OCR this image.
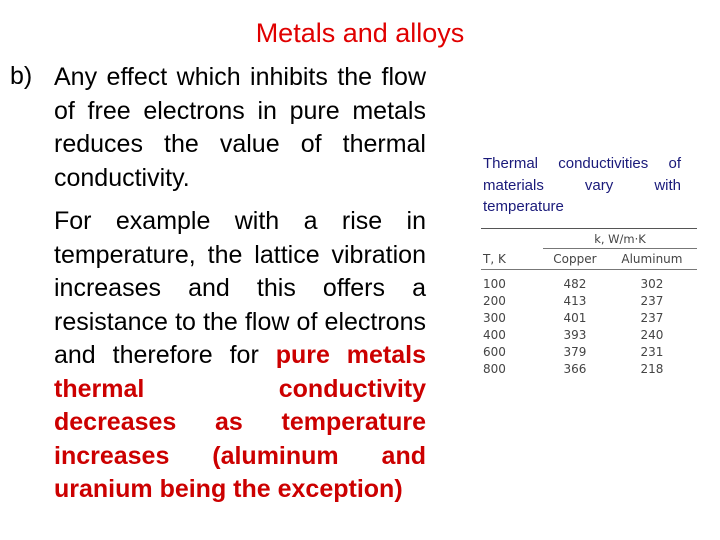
Metals and alloys
b) Any effect which inhibits the flow of free electrons in pure metals reduces the value of thermal conductivity.
For example with a rise in temperature, the lattice vibration increases and this offers a resistance to the flow of electrons and therefore for pure metals thermal conductivity decreases as temperature increases (aluminum and uranium being the exception)
Thermal conductivities of materials vary with temperature

	k, W/m·K	

T, K	Copper	Aluminum
100	482	302
200	413	237
300	401	237
400	393	240
600	379	231
800	366	218
